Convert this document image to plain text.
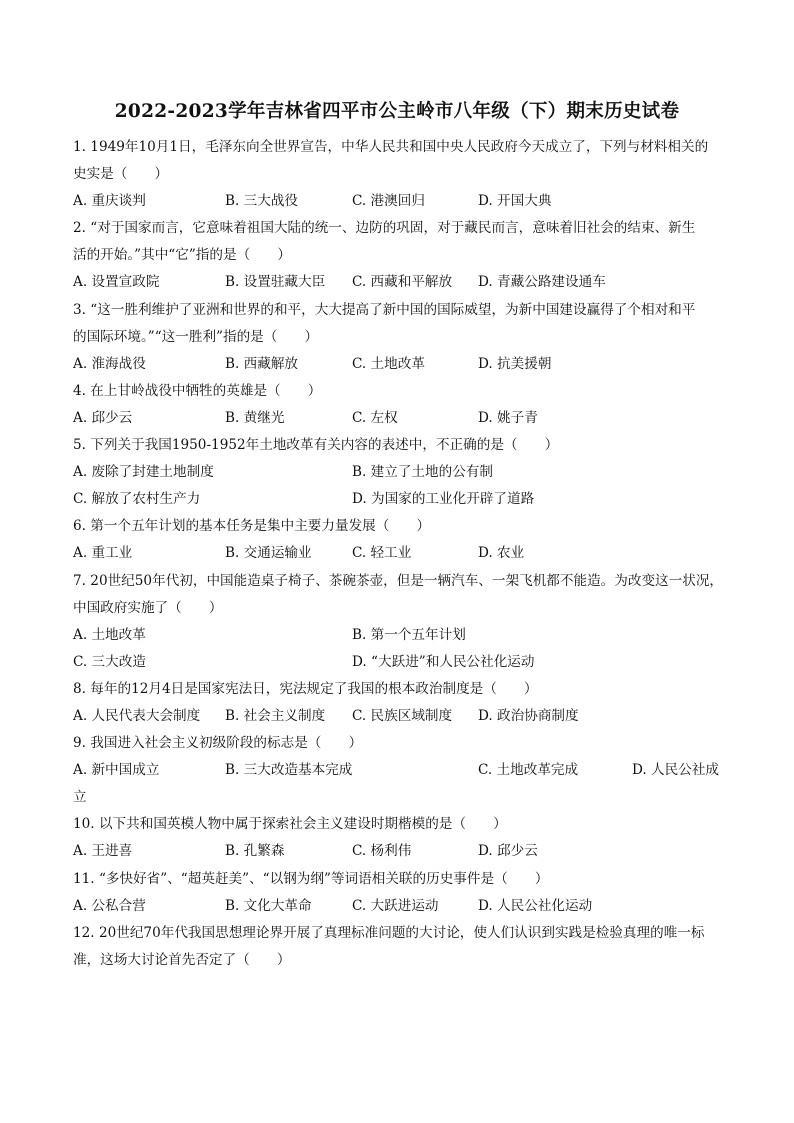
2022-2023学年吉林省四平市公主岭市八年级（下）期末历史试卷
1. 1949年10月1日，毛泽东向全世界宣告，中华人民共和国中央人民政府今天成立了，下列与材料相关的
史实是（　　）
A. 重庆谈判	B. 三大战役	C. 港澳回归	D. 开国大典
2. “对于国家而言，它意味着祖国大陆的统一、边防的巩固，对于藏民而言，意味着旧社会的结束、新生
活的开始。”其中“它”指的是（　　）
A. 设置宣政院	B. 设置驻藏大臣 C. 西藏和平解放 D. 青藏公路建设通车
3. “这一胜利维护了亚洲和世界的和平，大大提高了新中国的国际威望，为新中国建设赢得了个相对和平
的国际环境。”“这一胜利”指的是（　　）
A. 淮海战役	B. 西藏解放	C. 土地改革	D. 抗美援朝
4. 在上甘岭战役中牺牲的英雄是（　　）
A. 邱少云	B. 黄继光	C. 左权	D. 姚子青
5. 下列关于我国1950-1952年土地改革有关内容的表述中，不正确的是（　　）
A. 废除了封建土地制度	B. 建立了土地的公有制
C. 解放了农村生产力	D. 为国家的工业化开辟了道路
6. 第一个五年计划的基本任务是集中主要力量发展（　　）
A. 重工业	B. 交通运输业	C. 轻工业	D. 农业
7. 20世纪50年代初，中国能造桌子椅子、茶碗茶壶，但是一辆汽车、一架飞机都不能造。为改变这一状况，
中国政府实施了（　　）
A. 土地改革	B. 第一个五年计划
C. 三大改造	D. “大跃进”和人民公社化运动
8. 每年的12月4日是国家宪法日，宪法规定了我国的根本政治制度是（　　）
A. 人民代表大会制度 B. 社会主义制度 C. 民族区域制度 D. 政治协商制度
9. 我国进入社会主义初级阶段的标志是（　　）
A. 新中国成立	B. 三大改造基本完成	C. 土地改革完成	D. 人民公社成
立
10. 以下共和国英模人物中属于探索社会主义建设时期楷模的是（　　）
A. 王进喜	B. 孔繁森	C. 杨利伟	D. 邱少云
11. “多快好省”、“超英赶美”、“以钢为纲”等词语相关联的历史事件是（　　）
A. 公私合营	B. 文化大革命	C. 大跃进运动	D. 人民公社化运动
12. 20世纪70年代我国思想理论界开展了真理标准问题的大讨论，使人们认识到实践是检验真理的唯一标
准，这场大讨论首先否定了（　　）
